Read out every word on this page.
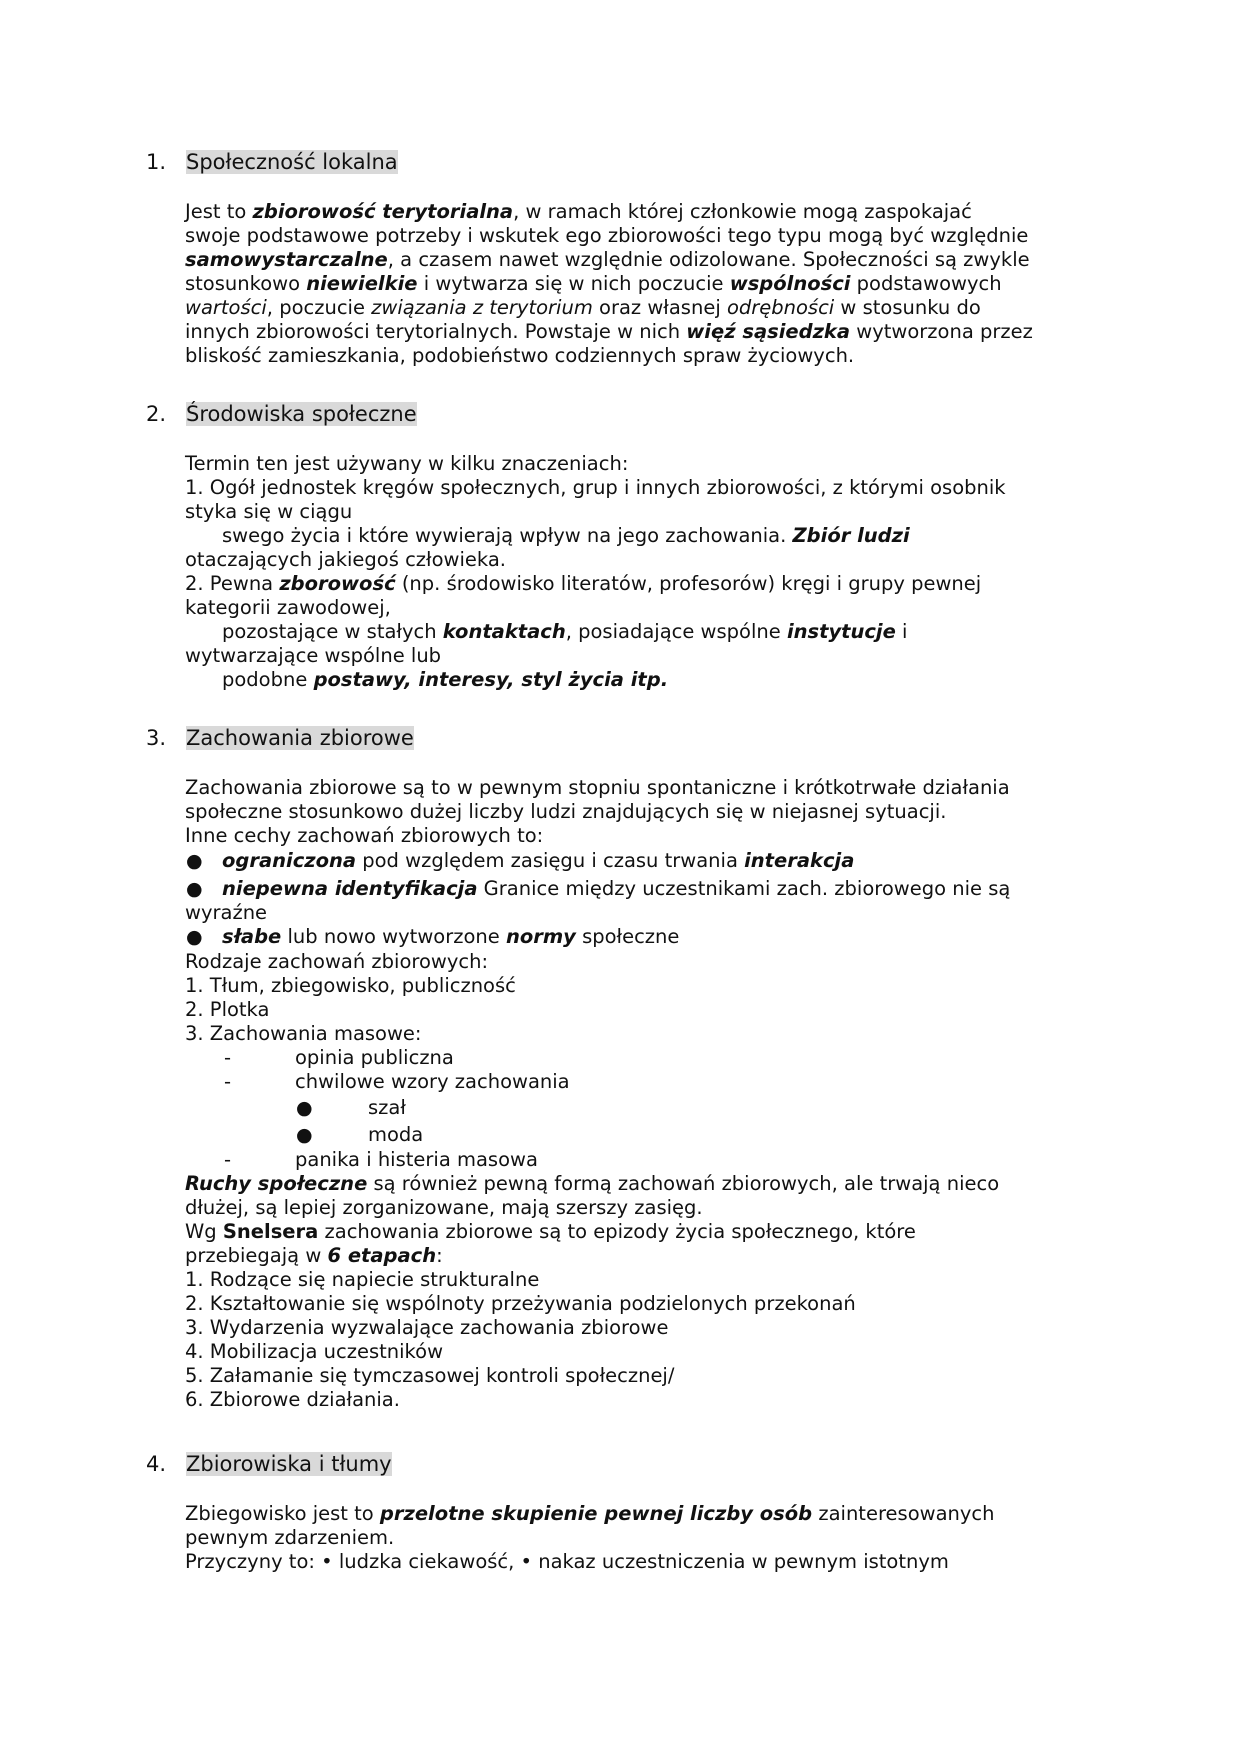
1. Społeczność lokalna
Jest to zbiorowość terytorialna, w ramach której członkowie mogą zaspokajać
swoje podstawowe potrzeby i wskutek ego zbiorowości tego typu mogą być względnie
samowystarczalne, a czasem nawet względnie odizolowane. Społeczności są zwykle
stosunkowo niewielkie i wytwarza się w nich poczucie wspólności podstawowych
wartości, poczucie związania z terytorium oraz własnej odrębności w stosunku do
innych zbiorowości terytorialnych. Powstaje w nich więź sąsiedzka wytworzona przez
bliskość zamieszkania, podobieństwo codziennych spraw życiowych.
2. Środowiska społeczne
Termin ten jest używany w kilku znaczeniach:
1. Ogół jednostek kręgów społecznych, grup i innych zbiorowości, z którymi osobnik
styka się w ciągu
swego życia i które wywierają wpływ na jego zachowania. Zbiór ludzi
otaczających jakiegoś człowieka.
2. Pewna zborowość (np. środowisko literatów, profesorów) kręgi i grupy pewnej
kategorii zawodowej,
pozostające w stałych kontaktach, posiadające wspólne instytucje i
wytwarzające wspólne lub
podobne postawy, interesy, styl życia itp.
3. Zachowania zbiorowe
Zachowania zbiorowe są to w pewnym stopniu spontaniczne i krótkotrwałe działania
społeczne stosunkowo dużej liczby ludzi znajdujących się w niejasnej sytuacji.
Inne cechy zachowań zbiorowych to:
● ograniczona pod względem zasięgu i czasu trwania interakcja
● niepewna identyfikacja Granice między uczestnikami zach. zbiorowego nie są
wyraźne
● słabe lub nowo wytworzone normy społeczne
Rodzaje zachowań zbiorowych:
1. Tłum, zbiegowisko, publiczność
2. Plotka
3. Zachowania masowe:
-	opinia publiczna
-	chwilowe wzory zachowania
●	szał
●	moda
-	panika i histeria masowa
Ruchy społeczne są również pewną formą zachowań zbiorowych, ale trwają nieco
dłużej, są lepiej zorganizowane, mają szerszy zasięg.
Wg Snelsera zachowania zbiorowe są to epizody życia społecznego, które
przebiegają w 6 etapach:
1. Rodzące się napiecie strukturalne
2. Kształtowanie się wspólnoty przeżywania podzielonych przekonań
3. Wydarzenia wyzwalające zachowania zbiorowe
4. Mobilizacja uczestników
5. Załamanie się tymczasowej kontroli społecznej/
6. Zbiorowe działania.
4. Zbiorowiska i tłumy
Zbiegowisko jest to przelotne skupienie pewnej liczby osób zainteresowanych
pewnym zdarzeniem.
Przyczyny to: • ludzka ciekawość, • nakaz uczestniczenia w pewnym istotnym
